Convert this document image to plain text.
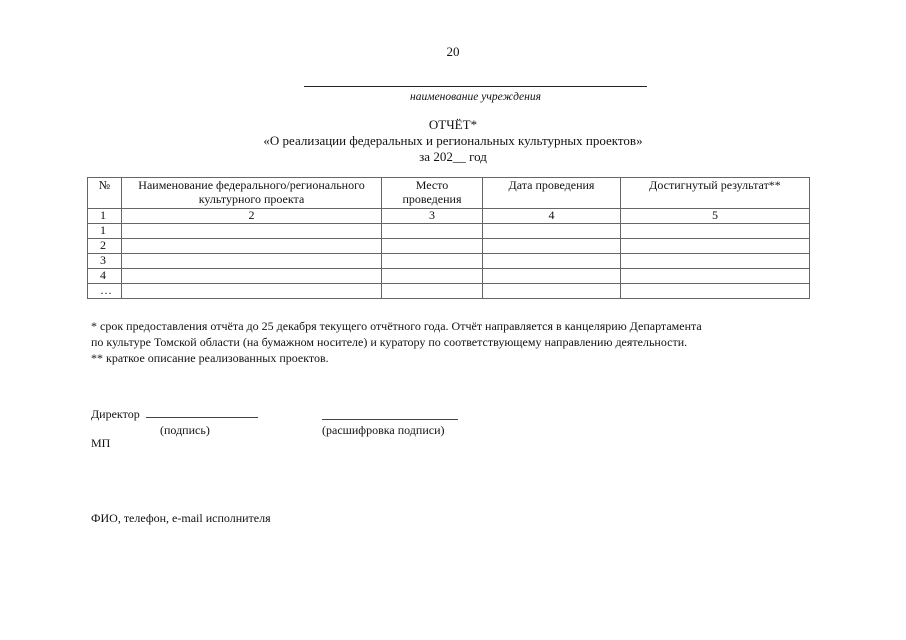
20
наименование учреждения
ОТЧЁТ*
«О реализации федеральных и региональных культурных проектов»
за 202__ год
№	Наименование федерального/регионального культурного проекта	Место проведения	Дата проведения	Достигнутый результат**
1	2	3	4	5
1				
2				
3				
4				
…				
* срок предоставления отчёта до 25 декабря текущего отчётного года. Отчёт направляется в канцелярию Департамента
по культуре Томской области (на бумажном носителе) и куратору по соответствующему направлению деятельности.
** краткое описание реализованных проектов.
Директор
(подпись)	(расшифровка подписи)
МП
ФИО, телефон, e-mail исполнителя
